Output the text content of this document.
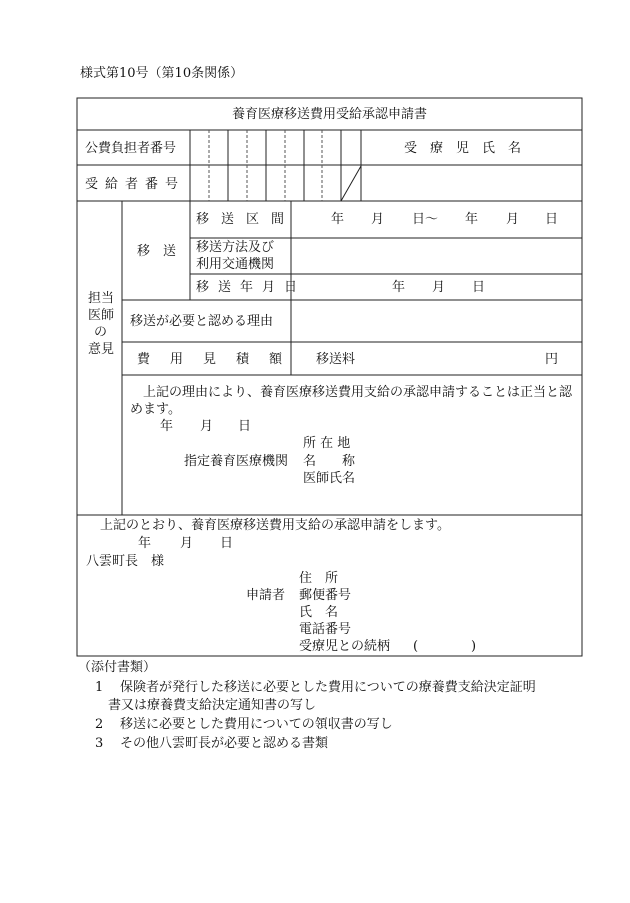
様式第10号（第10条関係）
養育医療移送費用受給承認申請書
公費負担者番号	受　療　児　氏　名
受給者番号
担当
医師
の
意見
移　送
移送区間	年 月 日〜 年 月 日
移送方法及び
利用交通機関
移送年月日	年 月 日
移送が必要と認める理由
費用見積額 移送料	円
上記の理由により、養育医療移送費用支給の承認申請することは正当と認めます。
年 月 日
所 在 地
指定養育医療機関 名　　称
医師氏名
上記のとおり、養育医療移送費用支給の承認申請をします。
年 月 日
八雲町長　様
住　所
申請者 郵便番号
氏　名
電話番号
受療児との続柄 (	)
（添付書類）
1 保険者が発行した移送に必要とした費用についての療養費支給決定証明
書又は療養費支給決定通知書の写し
2 移送に必要とした費用についての領収書の写し
3 その他八雲町長が必要と認める書類
